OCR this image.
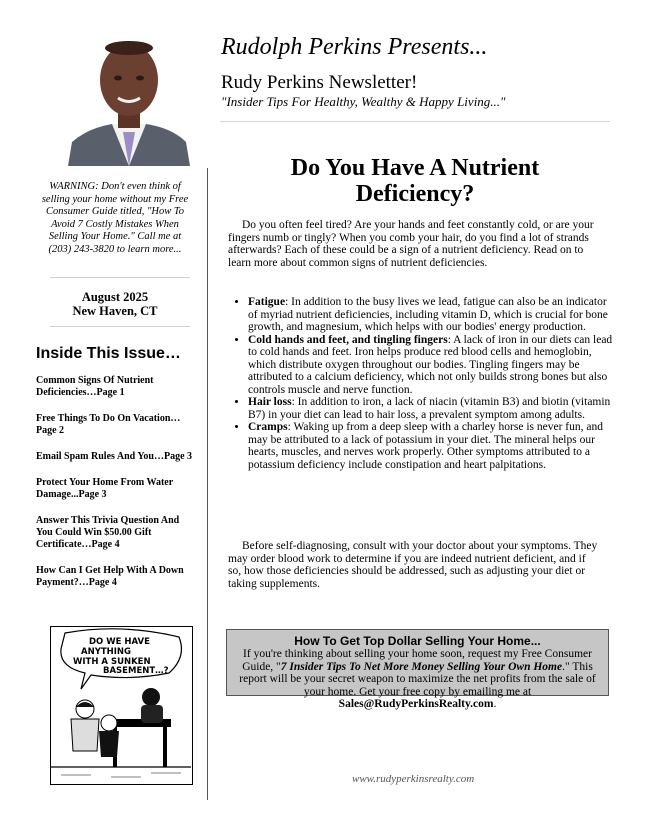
WARNING: Don't even think of selling your home without my Free Consumer Guide titled, "How To Avoid 7 Costly Mistakes When Selling Your Home." Call me at (203) 243-3820 to learn more...
August 2025
New Haven, CT
Inside This Issue…
Common Signs Of Nutrient Deficiencies…Page 1
Free Things To Do On Vacation…Page 2
Email Spam Rules And You…Page 3
Protect Your Home From Water Damage...Page 3
Answer This Trivia Question And You Could Win $50.00 Gift Certificate…Page 4
How Can I Get Help With A Down Payment?…Page 4
DO WE HAVE
ANYTHING
WITH A SUNKEN
BASEMENT…?
Rudolph Perkins Presents...
Rudy Perkins Newsletter!
"Insider Tips For Healthy, Wealthy & Happy Living..."
Do You Have A Nutrient Deficiency?

Do you often feel tired? Are your hands and feet constantly cold, or are your fingers numb or tingly? When you comb your hair, do you find a lot of strands afterwards? Each of these could be a sign of a nutrient deficiency. Read on to learn more about common signs of nutrient deficiencies.

• Fatigue: In addition to the busy lives we lead, fatigue can also be an indicator of myriad nutrient deficiencies, including vitamin D, which is crucial for bone growth, and magnesium, which helps with our bodies' energy production.
• Cold hands and feet, and tingling fingers: A lack of iron in our diets can lead to cold hands and feet. Iron helps produce red blood cells and hemoglobin, which distribute oxygen throughout our bodies. Tingling fingers may be attributed to a calcium deficiency, which not only builds strong bones but also controls muscle and nerve function.
• Hair loss: In addition to iron, a lack of niacin (vitamin B3) and biotin (vitamin B7) in your diet can lead to hair loss, a prevalent symptom among adults.
• Cramps: Waking up from a deep sleep with a charley horse is never fun, and may be attributed to a lack of potassium in your diet. The mineral helps our hearts, muscles, and nerves work properly. Other symptoms attributed to a potassium deficiency include constipation and heart palpitations.

Before self-diagnosing, consult with your doctor about your symptoms. They may order blood work to determine if you are indeed nutrient deficient, and if so, how those deficiencies should be addressed, such as adjusting your diet or taking supplements.

How To Get Top Dollar Selling Your Home...
If you're thinking about selling your home soon, request my Free Consumer Guide, "7 Insider Tips To Net More Money Selling Your Own Home." This report will be your secret weapon to maximize the net profits from the sale of your home. Get your free copy by emailing me at Sales@RudyPerkinsRealty.com.
www.rudyperkinsrealty.com
